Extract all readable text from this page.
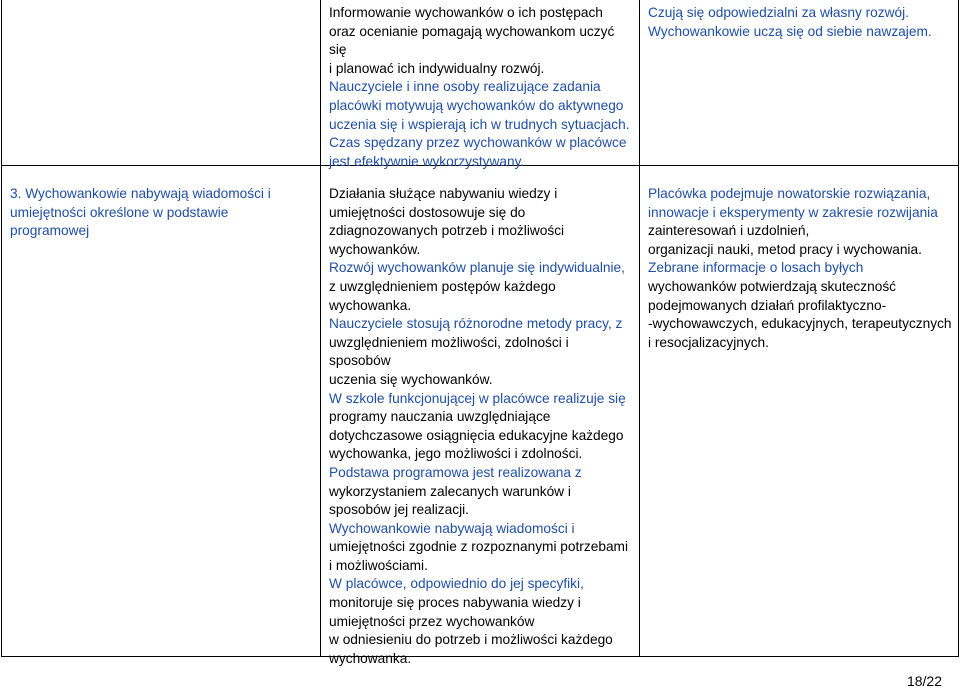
Informowanie wychowanków o ich postępach

oraz ocenianie pomagają wychowankom uczyć się

i planować ich indywidualny rozwój.

Nauczyciele i inne osoby realizujące zadania

placówki motywują wychowanków do aktywnego

uczenia się i wspierają ich w trudnych sytuacjach.

Czas spędzany przez wychowanków w placówce

jest efektywnie wykorzystywany.

Czują się odpowiedzialni za własny rozwój.

Wychowankowie uczą się od siebie nawzajem.

3. Wychowankowie nabywają wiadomości i

umiejętności określone w podstawie

programowej

Działania służące nabywaniu wiedzy i

umiejętności dostosowuje się do

zdiagnozowanych potrzeb i możliwości

wychowanków.

Rozwój wychowanków planuje się indywidualnie,

z uwzględnieniem postępów każdego

wychowanka.

Nauczyciele stosują różnorodne metody pracy, z

uwzględnieniem możliwości, zdolności i sposobów

uczenia się wychowanków.

W szkole funkcjonującej w placówce realizuje się

programy nauczania uwzględniające

dotychczasowe osiągnięcia edukacyjne każdego

wychowanka, jego możliwości i zdolności.

Podstawa programowa jest realizowana z

wykorzystaniem zalecanych warunków i

sposobów jej realizacji.

Wychowankowie nabywają wiadomości i

umiejętności zgodnie z rozpoznanymi potrzebami

i możliwościami.

W placówce, odpowiednio do jej specyfiki,

monitoruje się proces nabywania wiedzy i

umiejętności przez wychowanków

w odniesieniu do potrzeb i możliwości każdego

wychowanka.

Placówka podejmuje nowatorskie rozwiązania,

innowacje i eksperymenty w zakresie rozwijania

zainteresowań i uzdolnień,

organizacji nauki, metod pracy i wychowania.

Zebrane informacje o losach byłych

wychowanków potwierdzają skuteczność

podejmowanych działań profilaktyczno-

-wychowawczych, edukacyjnych, terapeutycznych

i resocjalizacyjnych.

18/22
